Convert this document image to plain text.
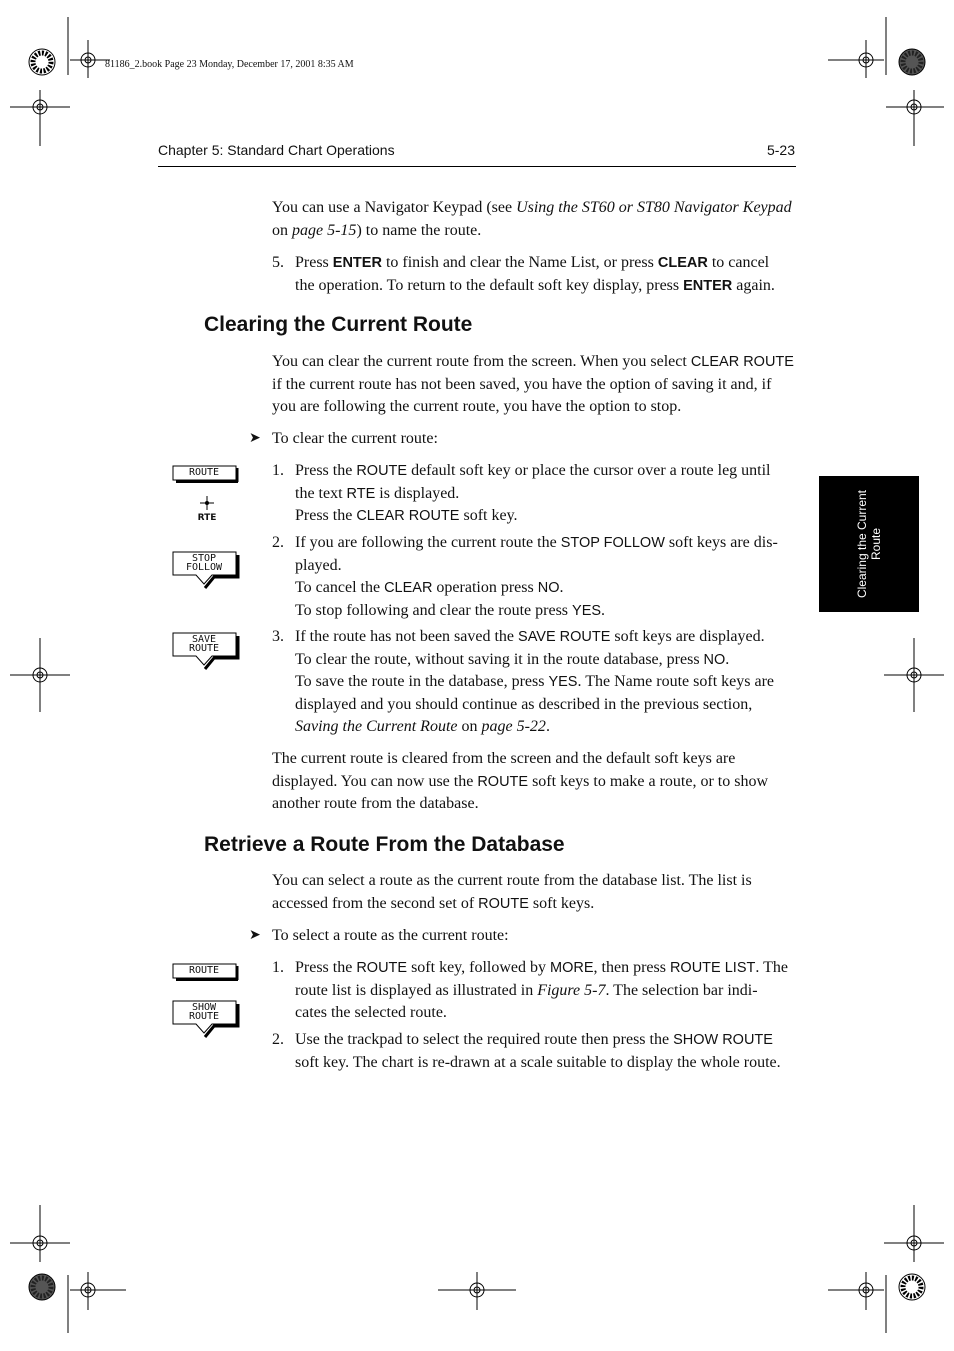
81186_2.book Page 23 Monday, December 17, 2001 8:35 AM
Chapter 5: Standard Chart Operations	5-23
Clearing the Current Route
You can use a Navigator Keypad (see Using the ST60 or ST80 Navigator Keypad on page 5-15) to name the route.
5. Press ENTER to finish and clear the Name List, or press CLEAR to cancel
the operation. To return to the default soft key display, press ENTER again.
Clearing the Current Route
You can clear the current route from the screen. When you select CLEAR ROUTE
if the current route has not been saved, you have the option of saving it and, if
you are following the current route, you have the option to stop.
➤ To clear the current route:
1. Press the ROUTE default soft key or place the cursor over a route leg until
the text RTE is displayed.
Press the CLEAR ROUTE soft key.
2. If you are following the current route the STOP FOLLOW soft keys are dis-
played.
To cancel the CLEAR operation press NO.
To stop following and clear the route press YES.
3. If the route has not been saved the SAVE ROUTE soft keys are displayed.
To clear the route, without saving it in the route database, press NO.
To save the route in the database, press YES. The Name route soft keys are
displayed and you should continue as described in the previous section,
Saving the Current Route on page 5-22.
The current route is cleared from the screen and the default soft keys are
displayed. You can now use the ROUTE soft keys to make a route, or to show
another route from the database.
Retrieve a Route From the Database
You can select a route as the current route from the database list. The list is
accessed from the second set of ROUTE soft keys.
➤ To select a route as the current route:
1. Press the ROUTE soft key, followed by MORE, then press ROUTE LIST. The
route list is displayed as illustrated in Figure 5-7. The selection bar indi-
cates the selected route.
2. Use the trackpad to select the required route then press the SHOW ROUTE
soft key. The chart is re-drawn at a scale suitable to display the whole route.
ROUTE
RTE
STOP
FOLLOW
SAVE
ROUTE
ROUTE
SHOW
ROUTE
